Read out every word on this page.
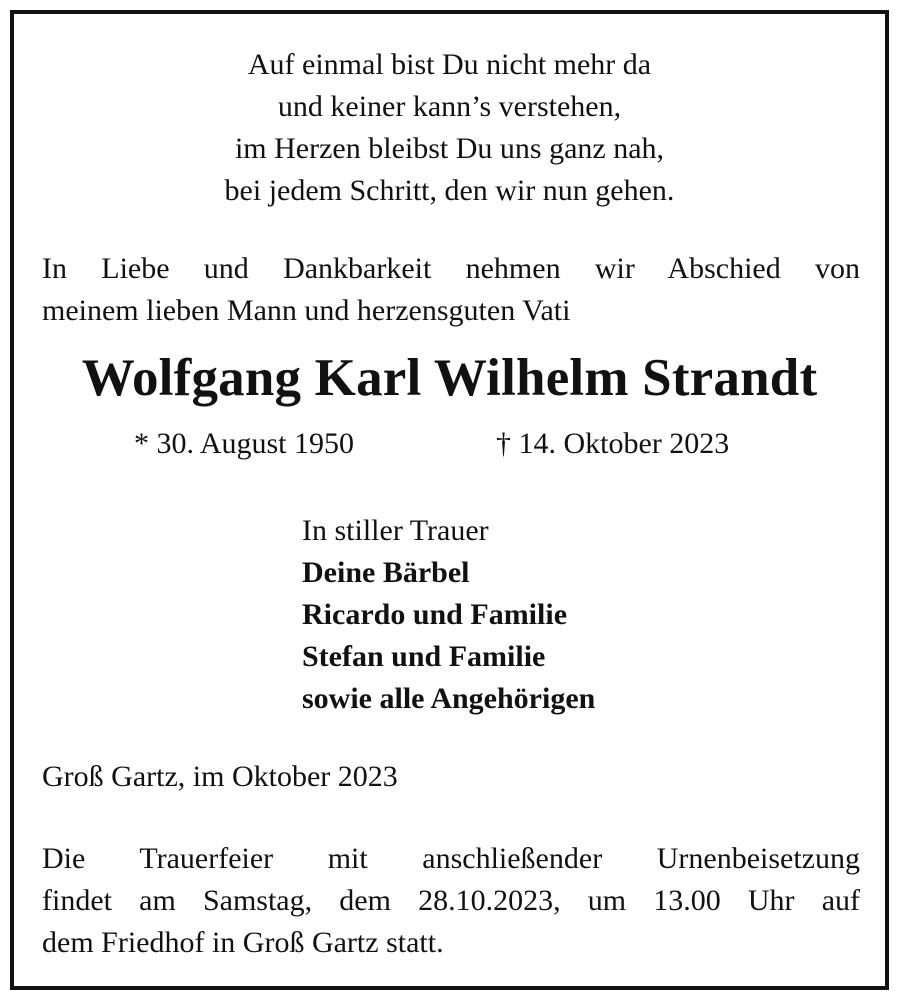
Auf einmal bist Du nicht mehr da
und keiner kann’s verstehen,
im Herzen bleibst Du uns ganz nah,
bei jedem Schritt, den wir nun gehen.
In Liebe und Dankbarkeit nehmen wir Abschied von
meinem lieben Mann und herzensguten Vati
Wolfgang Karl Wilhelm Strandt
* 30. August 1950	† 14. Oktober 2023
In stiller Trauer
Deine Bärbel
Ricardo und Familie
Stefan und Familie
sowie alle Angehörigen
Groß Gartz, im Oktober 2023
Die Trauerfeier mit anschließender Urnenbeisetzung
findet am Samstag, dem 28.10.2023, um 13.00 Uhr auf
dem Friedhof in Groß Gartz statt.
